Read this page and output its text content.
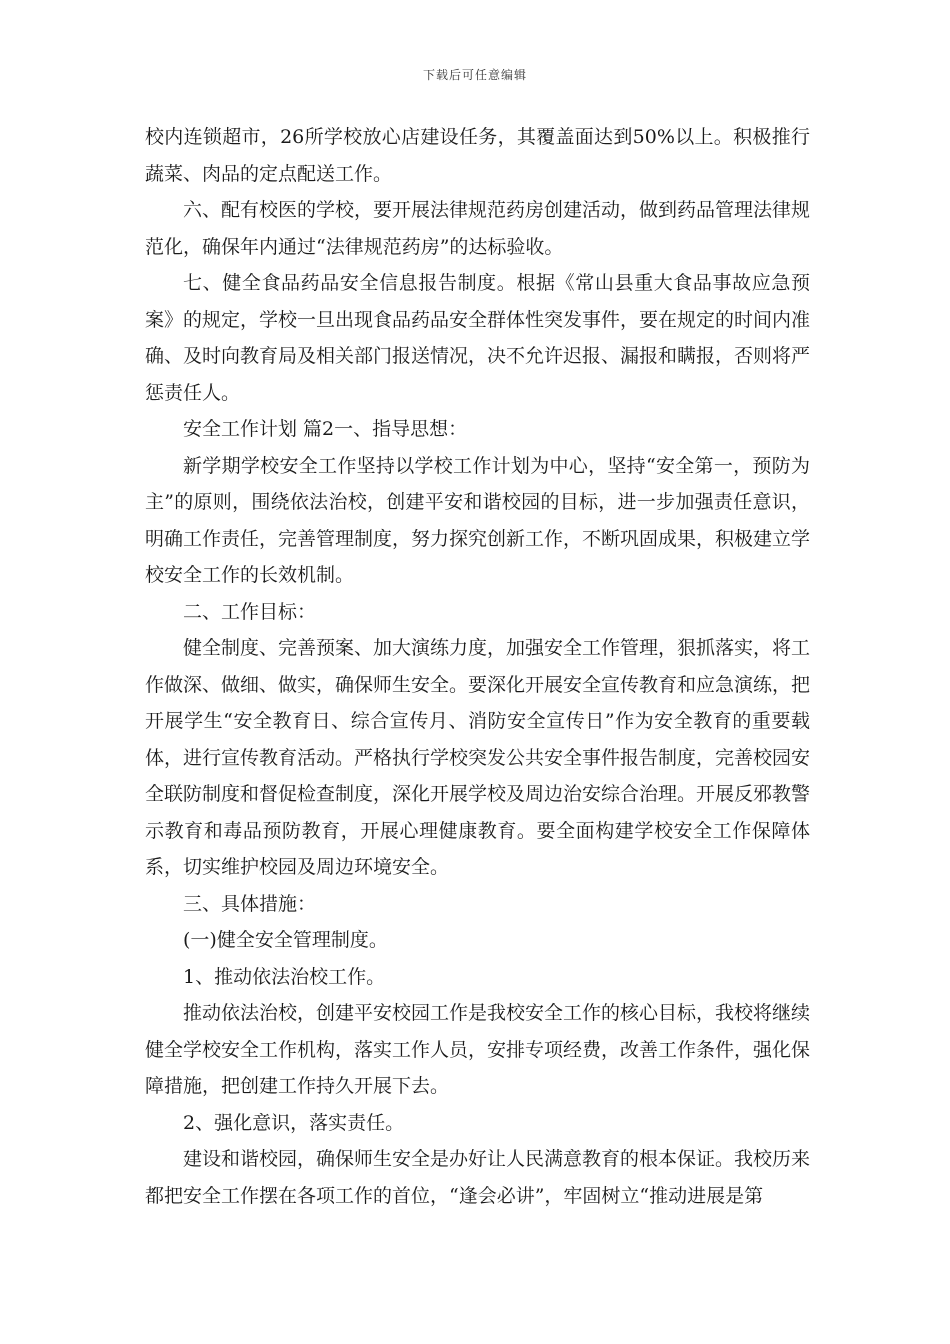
下载后可任意编辑

校内连锁超市，26所学校放心店建设任务，其覆盖面达到50%以上。积极推行蔬菜、肉品的定点配送工作。

六、配有校医的学校，要开展法律规范药房创建活动，做到药品管理法律规范化，确保年内通过“法律规范药房”的达标验收。

七、健全食品药品安全信息报告制度。根据《常山县重大食品事故应急预案》的规定，学校一旦出现食品药品安全群体性突发事件，要在规定的时间内准确、及时向教育局及相关部门报送情况，决不允许迟报、漏报和瞒报，否则将严惩责任人。

安全工作计划 篇2一、指导思想：

新学期学校安全工作坚持以学校工作计划为中心，坚持“安全第一，预防为主”的原则，围绕依法治校，创建平安和谐校园的目标，进一步加强责任意识，明确工作责任，完善管理制度，努力探究创新工作，不断巩固成果，积极建立学校安全工作的长效机制。

二、工作目标：

健全制度、完善预案、加大演练力度，加强安全工作管理，狠抓落实，将工作做深、做细、做实，确保师生安全。要深化开展安全宣传教育和应急演练，把开展学生“安全教育日、综合宣传月、消防安全宣传日”作为安全教育的重要载体，进行宣传教育活动。严格执行学校突发公共安全事件报告制度，完善校园安全联防制度和督促检查制度，深化开展学校及周边治安综合治理。开展反邪教警示教育和毒品预防教育，开展心理健康教育。要全面构建学校安全工作保障体系，切实维护校园及周边环境安全。

三、具体措施：

(一)健全安全管理制度。

1、推动依法治校工作。

推动依法治校，创建平安校园工作是我校安全工作的核心目标，我校将继续健全学校安全工作机构，落实工作人员，安排专项经费，改善工作条件，强化保障措施，把创建工作持久开展下去。

2、强化意识，落实责任。

建设和谐校园，确保师生安全是办好让人民满意教育的根本保证。我校历来都把安全工作摆在各项工作的首位，“逢会必讲”，牢固树立“推动进展是第
